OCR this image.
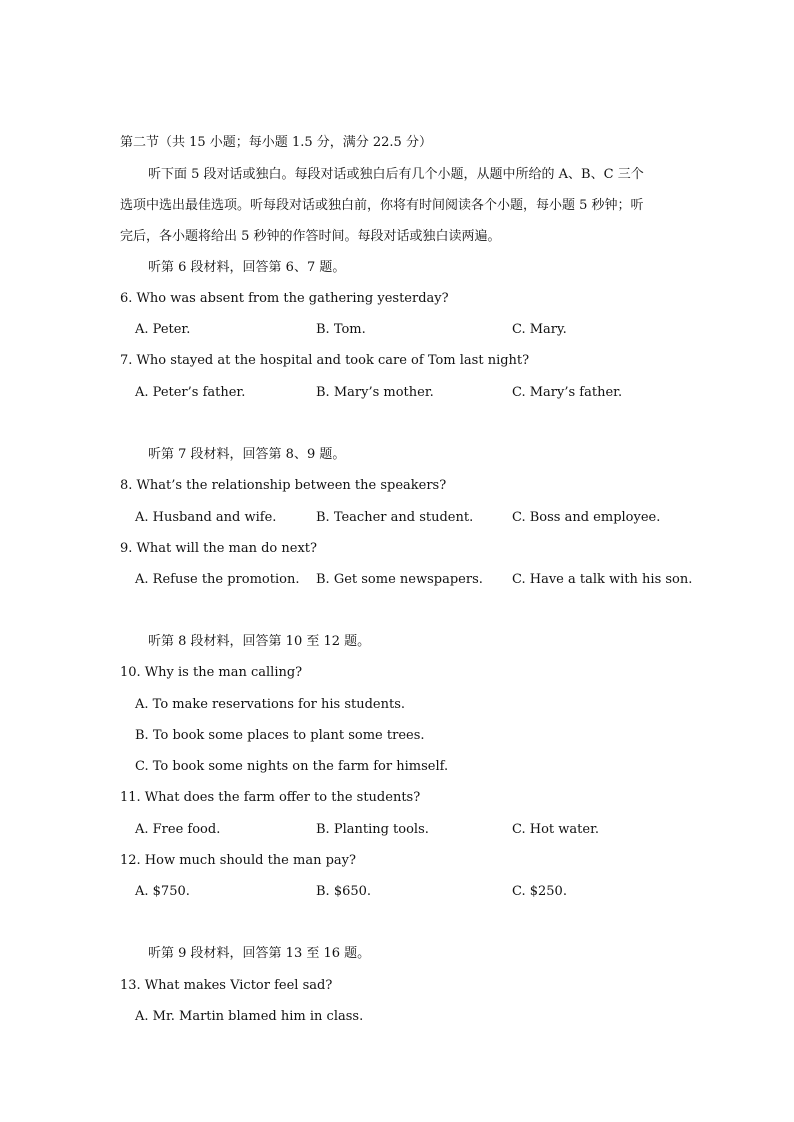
第二节（共 15 小题；每小题 1.5 分，满分 22.5 分）
听下面 5 段对话或独白。每段对话或独白后有几个小题，从题中所给的 A、B、C 三个
选项中选出最佳选项。听每段对话或独白前，你将有时间阅读各个小题，每小题 5 秒钟；听
完后，各小题将给出 5 秒钟的作答时间。每段对话或独白读两遍。
听第 6 段材料，回答第 6、7 题。
6. Who was absent from the gathering yesterday?
A. Peter.	B. Tom.	C. Mary.
7. Who stayed at the hospital and took care of Tom last night?
A. Peter’s father.	B. Mary’s mother.	C. Mary’s father.
听第 7 段材料，回答第 8、9 题。
8. What’s the relationship between the speakers?
A. Husband and wife.	B. Teacher and student.	C. Boss and employee.
9. What will the man do next?
A. Refuse the promotion. B. Get some newspapers. C. Have a talk with his son.
听第 8 段材料，回答第 10 至 12 题。
10. Why is the man calling?
A. To make reservations for his students.
B. To book some places to plant some trees.
C. To book some nights on the farm for himself.
11. What does the farm offer to the students?
A. Free food.	B. Planting tools.	C. Hot water.
12. How much should the man pay?
A. $750.	B. $650.	C. $250.
听第 9 段材料，回答第 13 至 16 题。
13. What makes Victor feel sad?
A. Mr. Martin blamed him in class.
